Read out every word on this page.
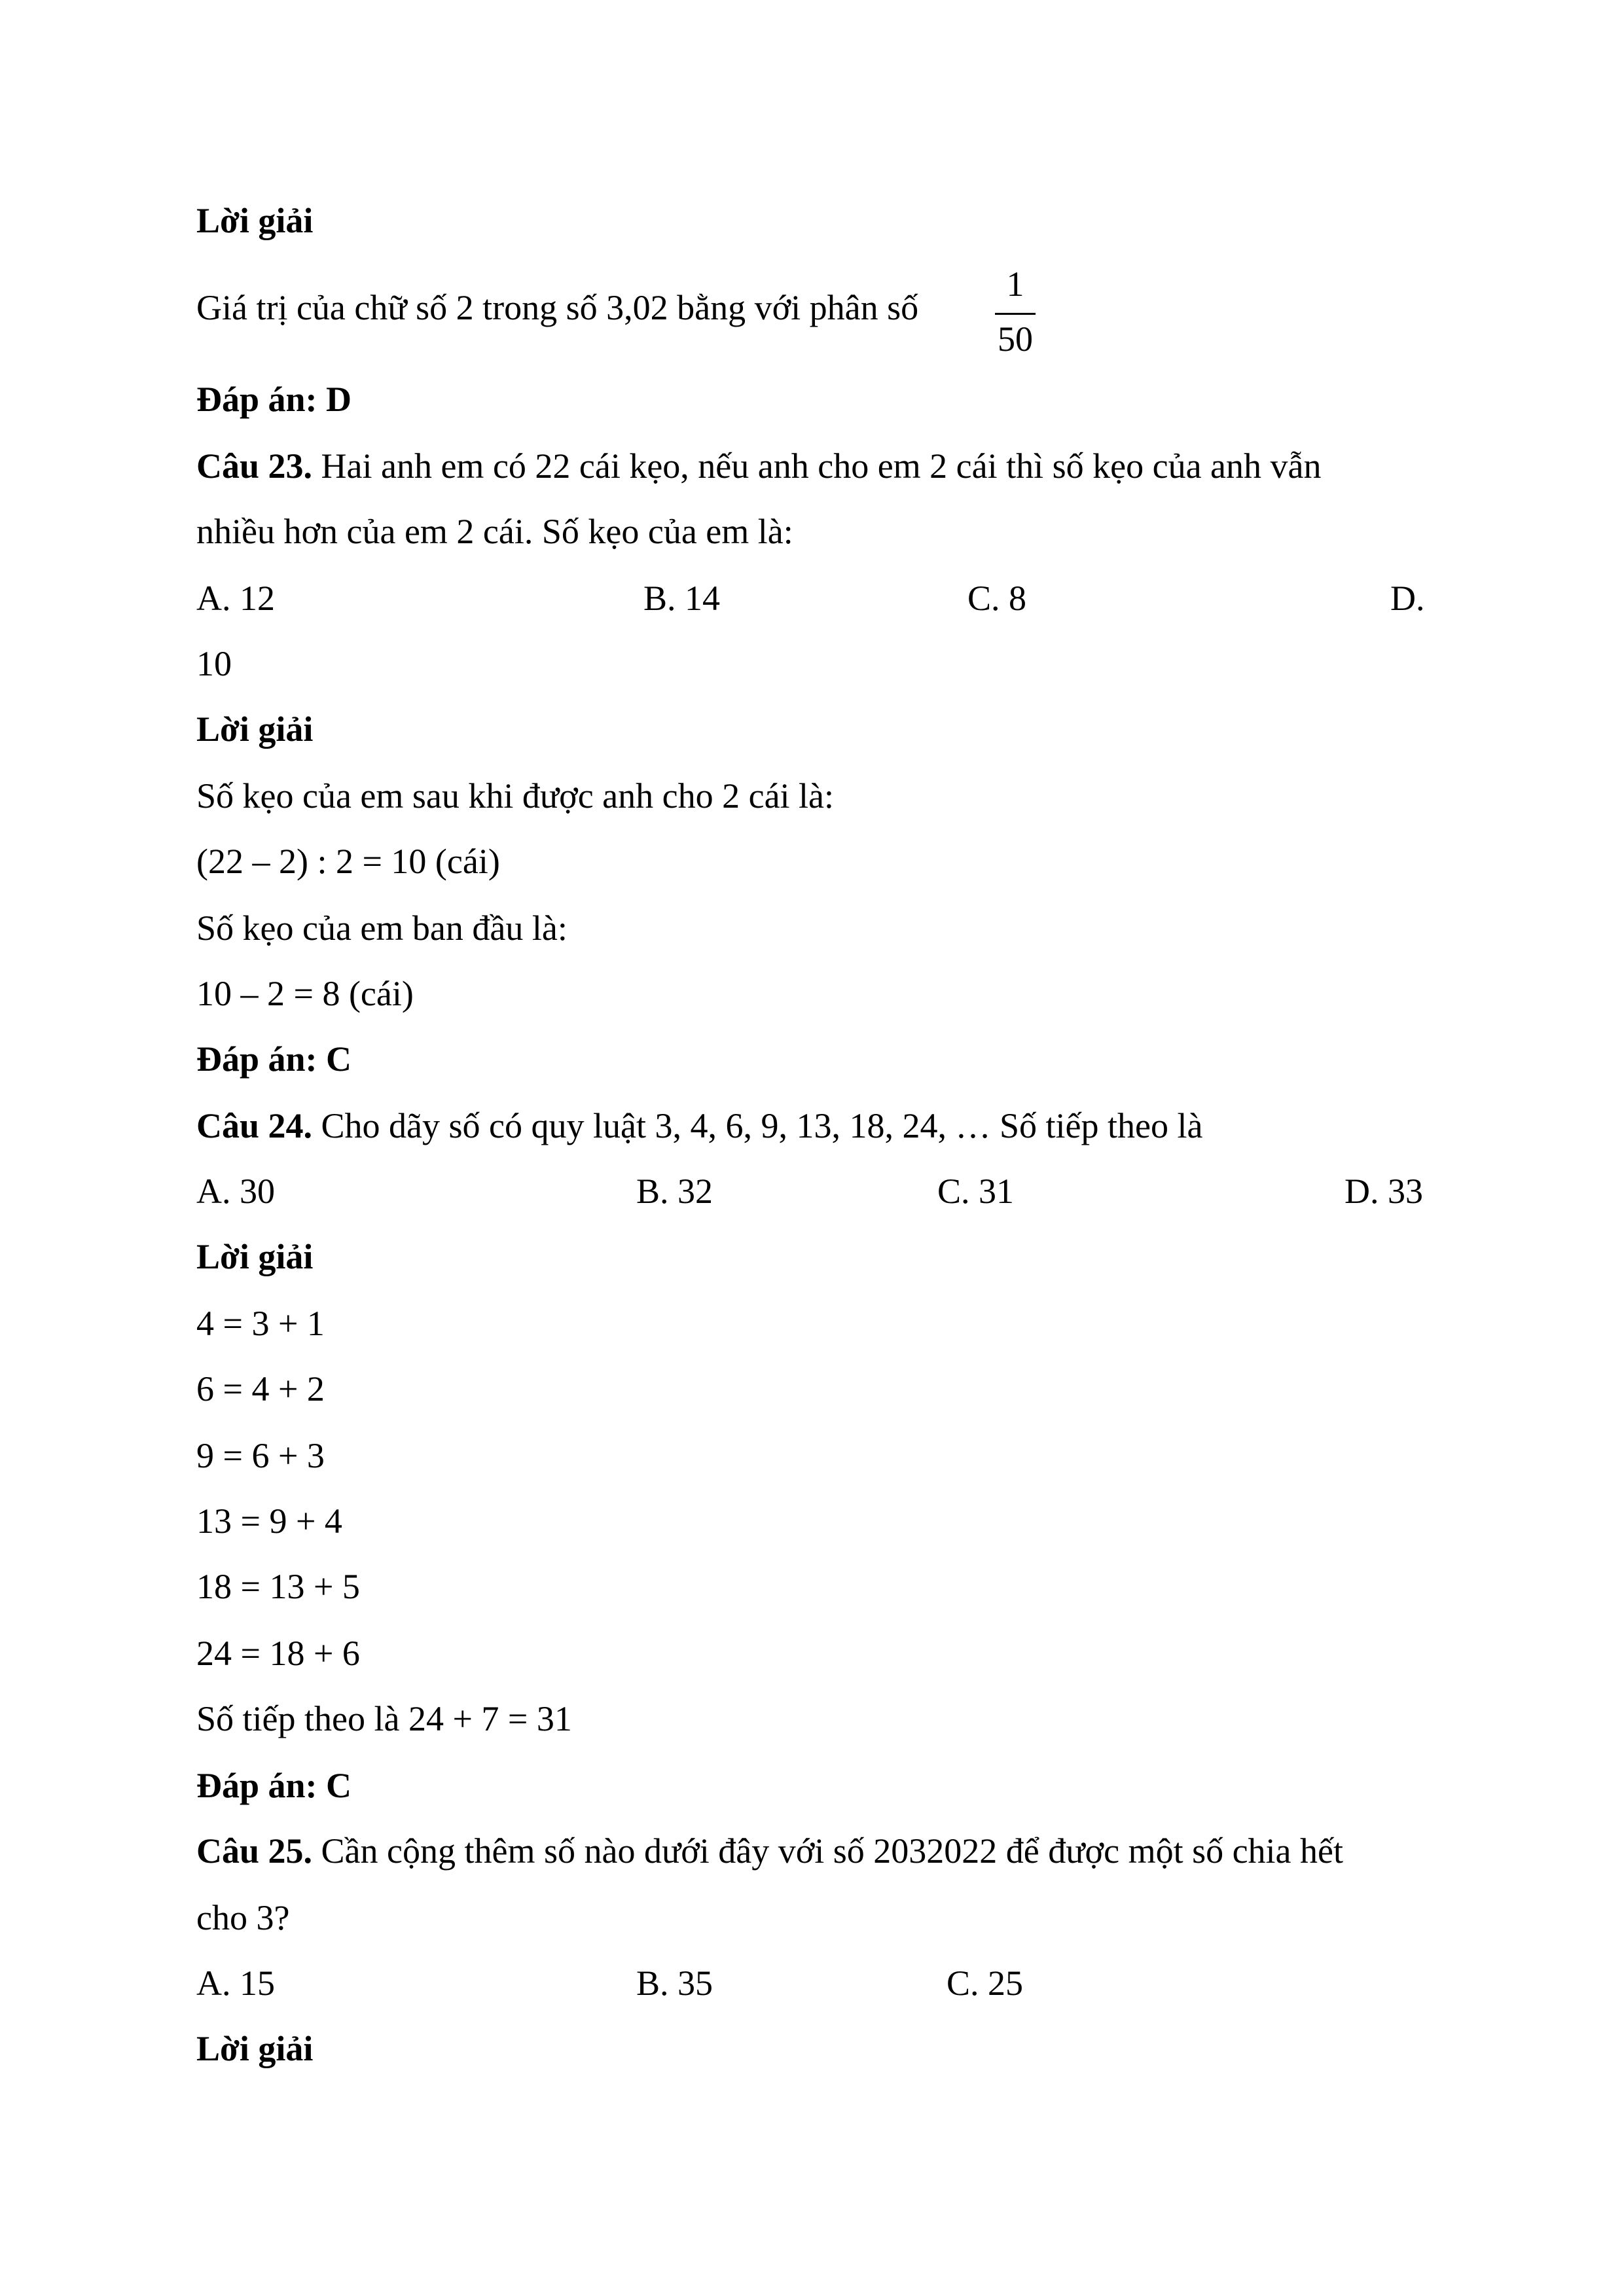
Lời giải
Giá trị của chữ số 2 trong số 3,02 bằng với phân số
1
50
Đáp án: D
Câu 23. Hai anh em có 22 cái kẹo, nếu anh cho em 2 cái thì số kẹo của anh vẫn
nhiều hơn của em 2 cái. Số kẹo của em là:
A. 12	B. 14	C. 8	D.
10
Lời giải
Số kẹo của em sau khi được anh cho 2 cái là:
(22 – 2) : 2 = 10 (cái)
Số kẹo của em ban đầu là:
10 – 2 = 8 (cái)
Đáp án: C
Câu 24. Cho dãy số có quy luật 3, 4, 6, 9, 13, 18, 24, … Số tiếp theo là
A. 30	B. 32	C. 31	D. 33
Lời giải
4 = 3 + 1
6 = 4 + 2
9 = 6 + 3
13 = 9 + 4
18 = 13 + 5
24 = 18 + 6
Số tiếp theo là 24 + 7 = 31
Đáp án: C
Câu 25. Cần cộng thêm số nào dưới đây với số 2032022 để được một số chia hết
cho 3?
A. 15	B. 35	C. 25
Lời giải
